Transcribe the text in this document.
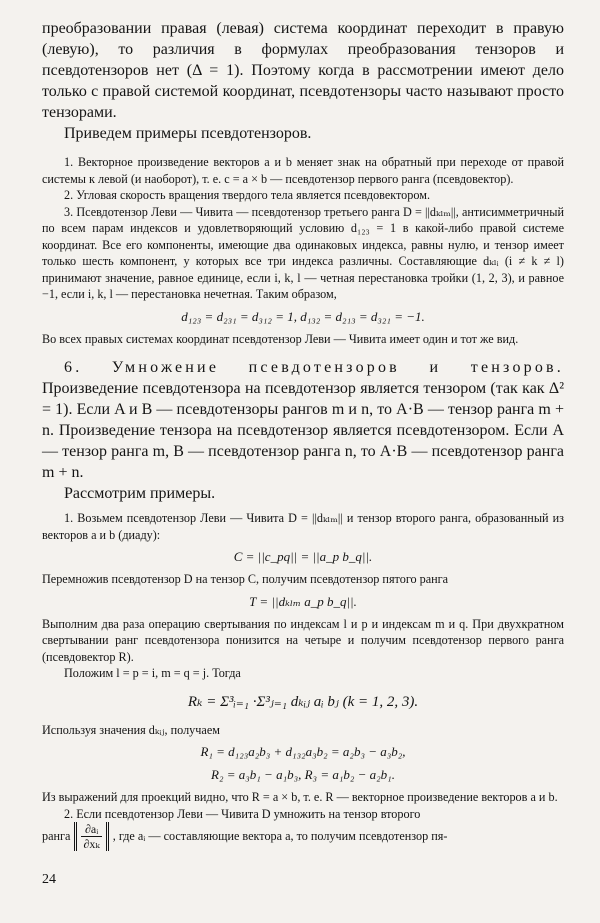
преобразовании правая (левая) система координат переходит в правую (левую), то различия в формулах преобразования тензоров и псевдотензоров нет (Δ = 1). Поэтому когда в рассмотрении имеют дело только с правой системой координат, псевдотензоры часто называют просто тензорами.

Приведем примеры псевдотензоров.

1. Векторное произведение векторов a и b меняет знак на обратный при переходе от правой системы к левой (и наоборот), т. е. c = a × b — псевдотензор первого ранга (псевдовектор).

2. Угловая скорость вращения твердого тела является псевдовектором.

3. Псевдотензор Леви — Чивита — псевдотензор третьего ранга D = ||dₖₗₘ||, антисимметричный по всем парам индексов и удовлетворяющий условию d₁₂₃ = 1 в какой-либо правой системе координат. Все его компоненты, имеющие два одинаковых индекса, равны нулю, и тензор имеет только шесть компонент, у которых все три индекса различны. Составляющие dₖₗᵢ (i ≠ k ≠ l) принимают значение, равное единице, если i, k, l — четная перестановка тройки (1, 2, 3), и равное −1, если i, k, l — перестановка нечетная. Таким образом,

d₁₂₃ = d₂₃₁ = d₃₁₂ = 1, d₁₃₂ = d₂₁₃ = d₃₂₁ = −1.

Во всех правых системах координат псевдотензор Леви — Чивита имеет один и тот же вид.

6. Умножение псевдотензоров и тензоров. Произведение псевдотензора на псевдотензор является тензором (так как Δ² = 1). Если A и B — псевдотензоры рангов m и n, то A·B — тензор ранга m + n. Произведение тензора на псевдотензор является псевдотензором. Если A — тензор ранга m, B — псевдотензор ранга n, то A·B — псевдотензор ранга m + n.

Рассмотрим примеры.

1. Возьмем псевдотензор Леви — Чивита D = ||dₖₗₘ|| и тензор второго ранга, образованный из векторов a и b (диаду):

C = ||c_pq|| = ||a_p b_q||.

Перемножив псевдотензор D на тензор C, получим псевдотензор пятого ранга

T = ||dₖₗₘ a_p b_q||.

Выполним два раза операцию свертывания по индексам l и p и индексам m и q. При двухкратном свертывании ранг псевдотензора понизится на четыре и получим псевдотензор первого ранга (псевдовектор R).

Положим l = p = i, m = q = j. Тогда

Rₖ = Σ³ᵢ₌₁ ·Σ³ⱼ₌₁ dₖᵢⱼ aᵢ bⱼ (k = 1, 2, 3).

Используя значения dₖᵢⱼ, получаем

R₁ = d₁₂₃a₂b₃ + d₁₃₂a₃b₂ = a₂b₃ − a₃b₂,
R₂ = a₃b₁ − a₁b₃, R₃ = a₁b₂ − a₂b₁.

Из выражений для проекций видно, что R = a × b, т. е. R — векторное произведение векторов a и b.

2. Если псевдотензор Леви — Чивита D умножить на тензор второго

ранга $\frac{\text{∂aᵢ}}{\text{∂xₖ}}$ , где aᵢ — составляющие вектора a, то получим псевдотензор пя-
24
